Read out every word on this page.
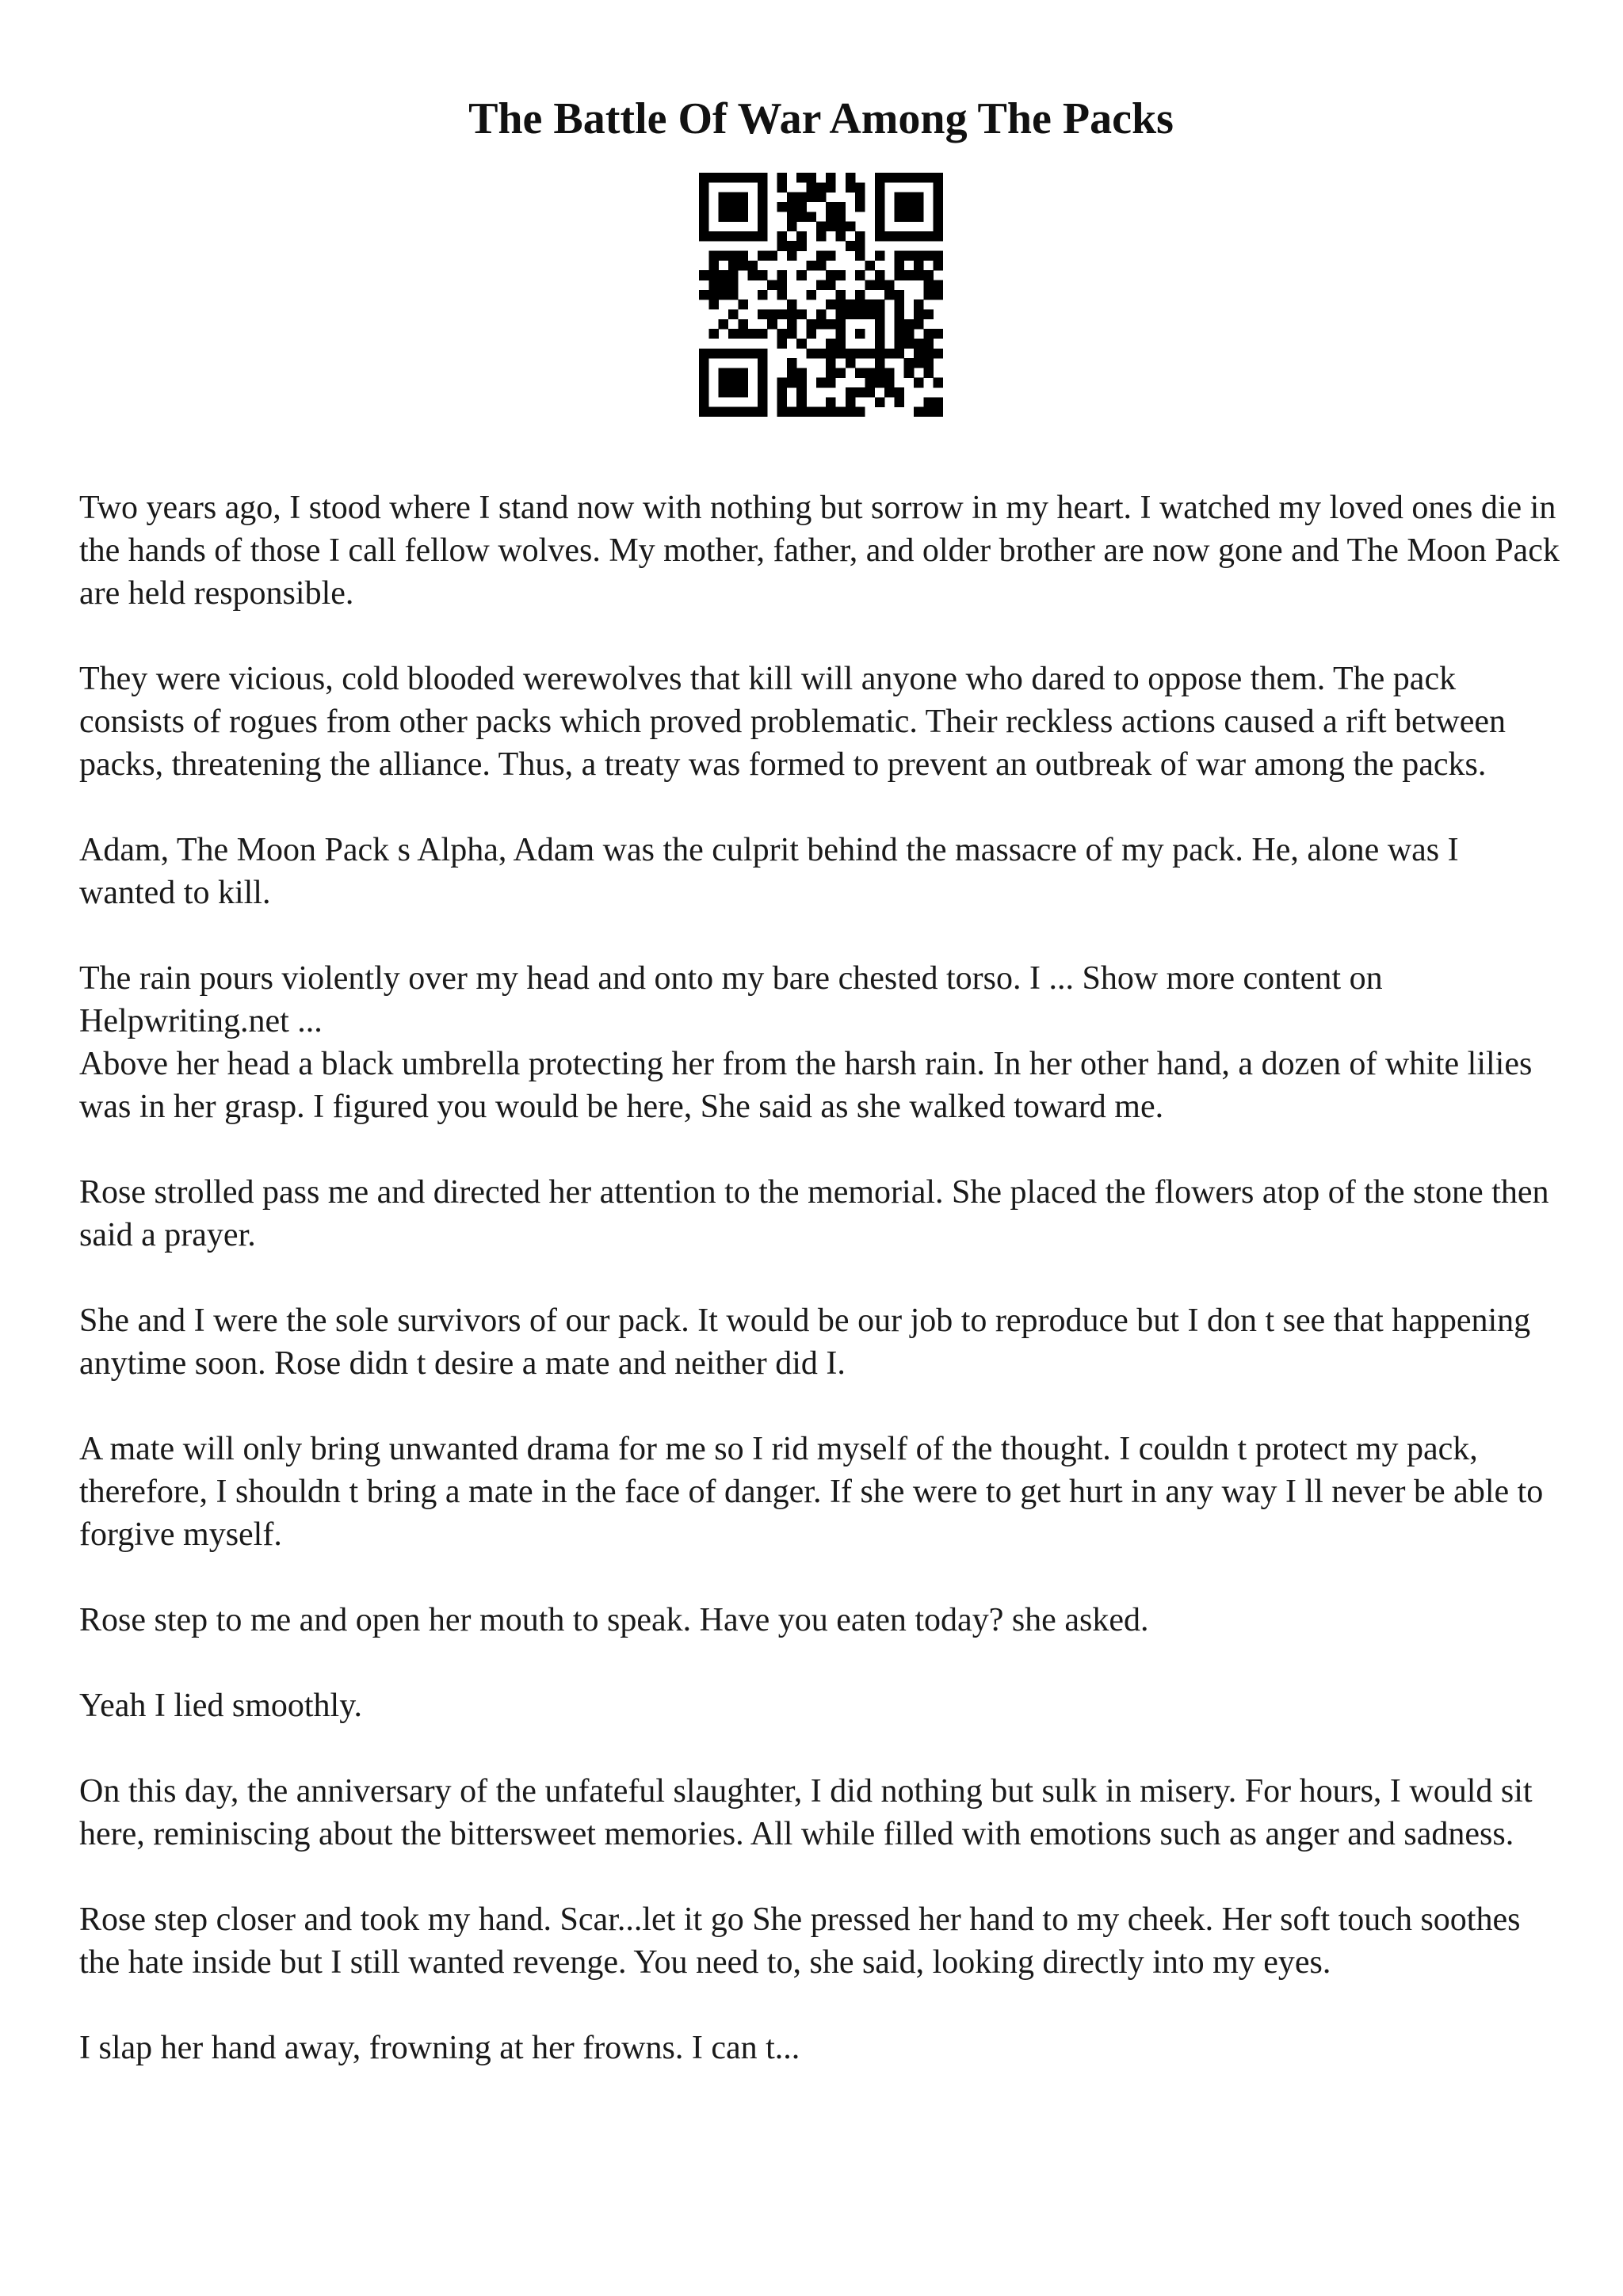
The Battle Of War Among The Packs

Two years ago, I stood where I stand now with nothing but sorrow in my heart. I watched my loved ones die in the hands of those I call fellow wolves. My mother, father, and older brother are now gone and The Moon Pack are held responsible.

They were vicious, cold blooded werewolves that kill will anyone who dared to oppose them. The pack consists of rogues from other packs which proved problematic. Their reckless actions caused a rift between packs, threatening the alliance. Thus, a treaty was formed to prevent an outbreak of war among the packs.

Adam, The Moon Pack s Alpha, Adam was the culprit behind the massacre of my pack. He, alone was I wanted to kill.

The rain pours violently over my head and onto my bare chested torso. I ... Show more content on Helpwriting.net ...

Above her head a black umbrella protecting her from the harsh rain. In her other hand, a dozen of white lilies was in her grasp. I figured you would be here, She said as she walked toward me.

Rose strolled pass me and directed her attention to the memorial. She placed the flowers atop of the stone then said a prayer.

She and I were the sole survivors of our pack. It would be our job to reproduce but I don t see that happening anytime soon. Rose didn t desire a mate and neither did I.

A mate will only bring unwanted drama for me so I rid myself of the thought. I couldn t protect my pack, therefore, I shouldn t bring a mate in the face of danger. If she were to get hurt in any way I ll never be able to forgive myself.

Rose step to me and open her mouth to speak. Have you eaten today? she asked.

Yeah I lied smoothly.

On this day, the anniversary of the unfateful slaughter, I did nothing but sulk in misery. For hours, I would sit here, reminiscing about the bittersweet memories. All while filled with emotions such as anger and sadness.

Rose step closer and took my hand. Scar...let it go She pressed her hand to my cheek. Her soft touch soothes the hate inside but I still wanted revenge. You need to, she said, looking directly into my eyes.

I slap her hand away, frowning at her frowns. I can t...
